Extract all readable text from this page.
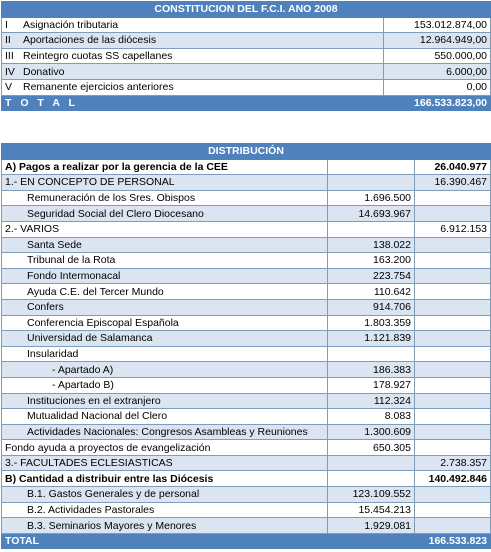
CONSTITUCION DEL F.C.I. ANO 2008	
I Asignación tributaria	153.012.874,00
II Aportaciones de las diócesis	12.964.949,00
III Reintegro cuotas SS capellanes	550.000,00
IV Donativo	6.000,00
V Remanente ejercicios anteriores	0,00
T O T A L	166.533.823,00
DISTRIBUCIÓN		
A) Pagos a realizar por la gerencia de la CEE		26.040.977
1.- EN CONCEPTO DE PERSONAL		16.390.467
Remuneración de los Sres. Obispos	1.696.500	
Seguridad Social del Clero Diocesano	14.693.967	
2.- VARIOS		6.912.153
Santa Sede	138.022	
Tribunal de la Rota	163.200	
Fondo Intermonacal	223.754	
Ayuda C.E. del Tercer Mundo	110.642	
Confers	914.706	
Conferencia Episcopal Española	1.803.359	
Universidad de Salamanca	1.121.839	
Insularidad		
- Apartado A)	186.383	
- Apartado B)	178.927	
Instituciones en el extranjero	112.324	
Mutualidad Nacional del Clero	8.083	
Actividades Nacionales: Congresos Asambleas y Reuniones	1.300.609	
Fondo ayuda a proyectos de evangelización	650.305	
3.- FACULTADES ECLESIASTICAS		2.738.357
B) Cantidad a distribuir entre las Diócesis		140.492.846
B.1. Gastos Generales y de personal	123.109.552	
B.2. Actividades Pastorales	15.454.213	
B.3. Seminarios Mayores y Menores	1.929.081	
TOTAL		166.533.823
